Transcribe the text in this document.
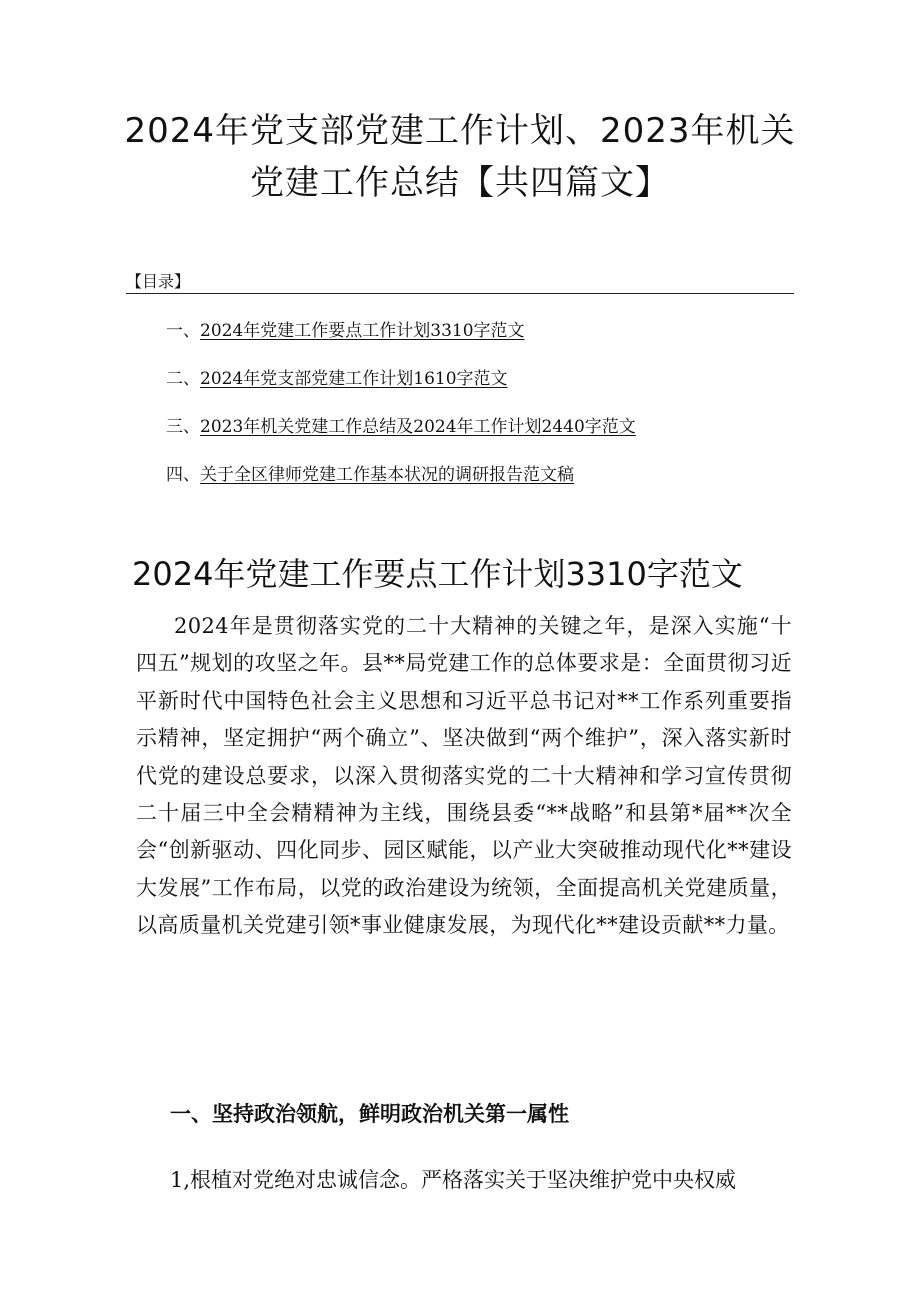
2024年党支部党建工作计划、2023年机关
党建工作总结【共四篇文】
【目录】
一、2024年党建工作要点工作计划3310字范文
二、2024年党支部党建工作计划1610字范文
三、2023年机关党建工作总结及2024年工作计划2440字范文
四、关于全区律师党建工作基本状况的调研报告范文稿
2024年党建工作要点工作计划3310字范文

2024年是贯彻落实党的二十大精神的关键之年，是深入实施“十四五”规划的攻坚之年。县**局党建工作的总体要求是：全面贯彻习近平新时代中国特色社会主义思想和习近平总书记对**工作系列重要指示精神，坚定拥护“两个确立”、坚决做到“两个维护”，深入落实新时代党的建设总要求，以深入贯彻落实党的二十大精神和学习宣传贯彻二十届三中全会精精神为主线，围绕县委“**战略”和县第*届**次全会“创新驱动、四化同步、园区赋能，以产业大突破推动现代化**建设大发展”工作布局，以党的政治建设为统领，全面提高机关党建质量，以高质量机关党建引领*事业健康发展，为现代化**建设贡献**力量。

一、坚持政治领航，鲜明政治机关第一属性

1,根植对党绝对忠诚信念。严格落实关于坚决维护党中央权威
